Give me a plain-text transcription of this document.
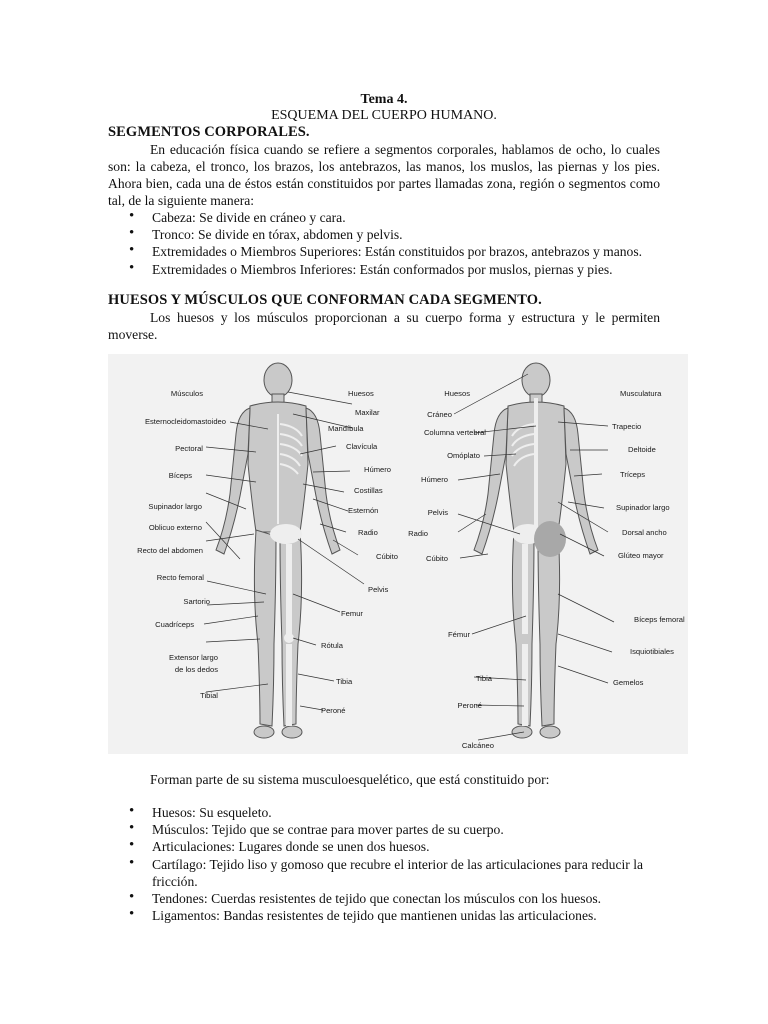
Tema 4.
ESQUEMA DEL CUERPO HUMANO.
SEGMENTOS CORPORALES.
En educación física cuando se refiere a segmentos corporales, hablamos de ocho, lo cuales son: la cabeza, el tronco, los brazos, los antebrazos, las manos, los muslos, las piernas y los pies. Ahora bien, cada una de éstos están constituidos por partes llamadas zona, región o segmentos como tal, de la siguiente manera:
• Cabeza: Se divide en cráneo y cara.
• Tronco: Se divide en tórax, abdomen y pelvis.
• Extremidades o Miembros Superiores: Están constituidos por brazos, antebrazos y manos.
• Extremidades o Miembros Inferiores: Están conformados por muslos, piernas y pies.
HUESOS Y MÚSCULOS QUE CONFORMAN CADA SEGMENTO.
Los huesos y los músculos proporcionan a su cuerpo forma y estructura y le permiten moverse.
Músculos
Esternocleidomastoideo
Pectoral
Bíceps
Supinador largo
Oblicuo externo
Recto del abdomen
Recto femoral
Sartorio
Cuadríceps
Extensor largo
de los dedos
Tibial
Huesos
Maxilar
Mandíbula
Clavícula
Húmero
Costillas
Esternón
Radio
Cúbito
Pelvis
Femur
Rótula
Tibia
Peroné
Huesos
Cráneo
Columna vertebral
Omóplato
Húmero
Pelvis
Radio
Cúbito
Fémur
Tibia
Peroné
Calcáneo
Musculatura
Trapecio
Deltoide
Tríceps
Supinador largo
Dorsal ancho
Glúteo mayor
Bíceps femoral
Isquiotibiales
Gemelos
Forman parte de su sistema musculoesquelético, que está constituido por:
• Huesos: Su esqueleto.
• Músculos: Tejido que se contrae para mover partes de su cuerpo.
• Articulaciones: Lugares donde se unen dos huesos.
• Cartílago: Tejido liso y gomoso que recubre el interior de las articulaciones para reducir la fricción.
• Tendones: Cuerdas resistentes de tejido que conectan los músculos con los huesos.
• Ligamentos: Bandas resistentes de tejido que mantienen unidas las articulaciones.
